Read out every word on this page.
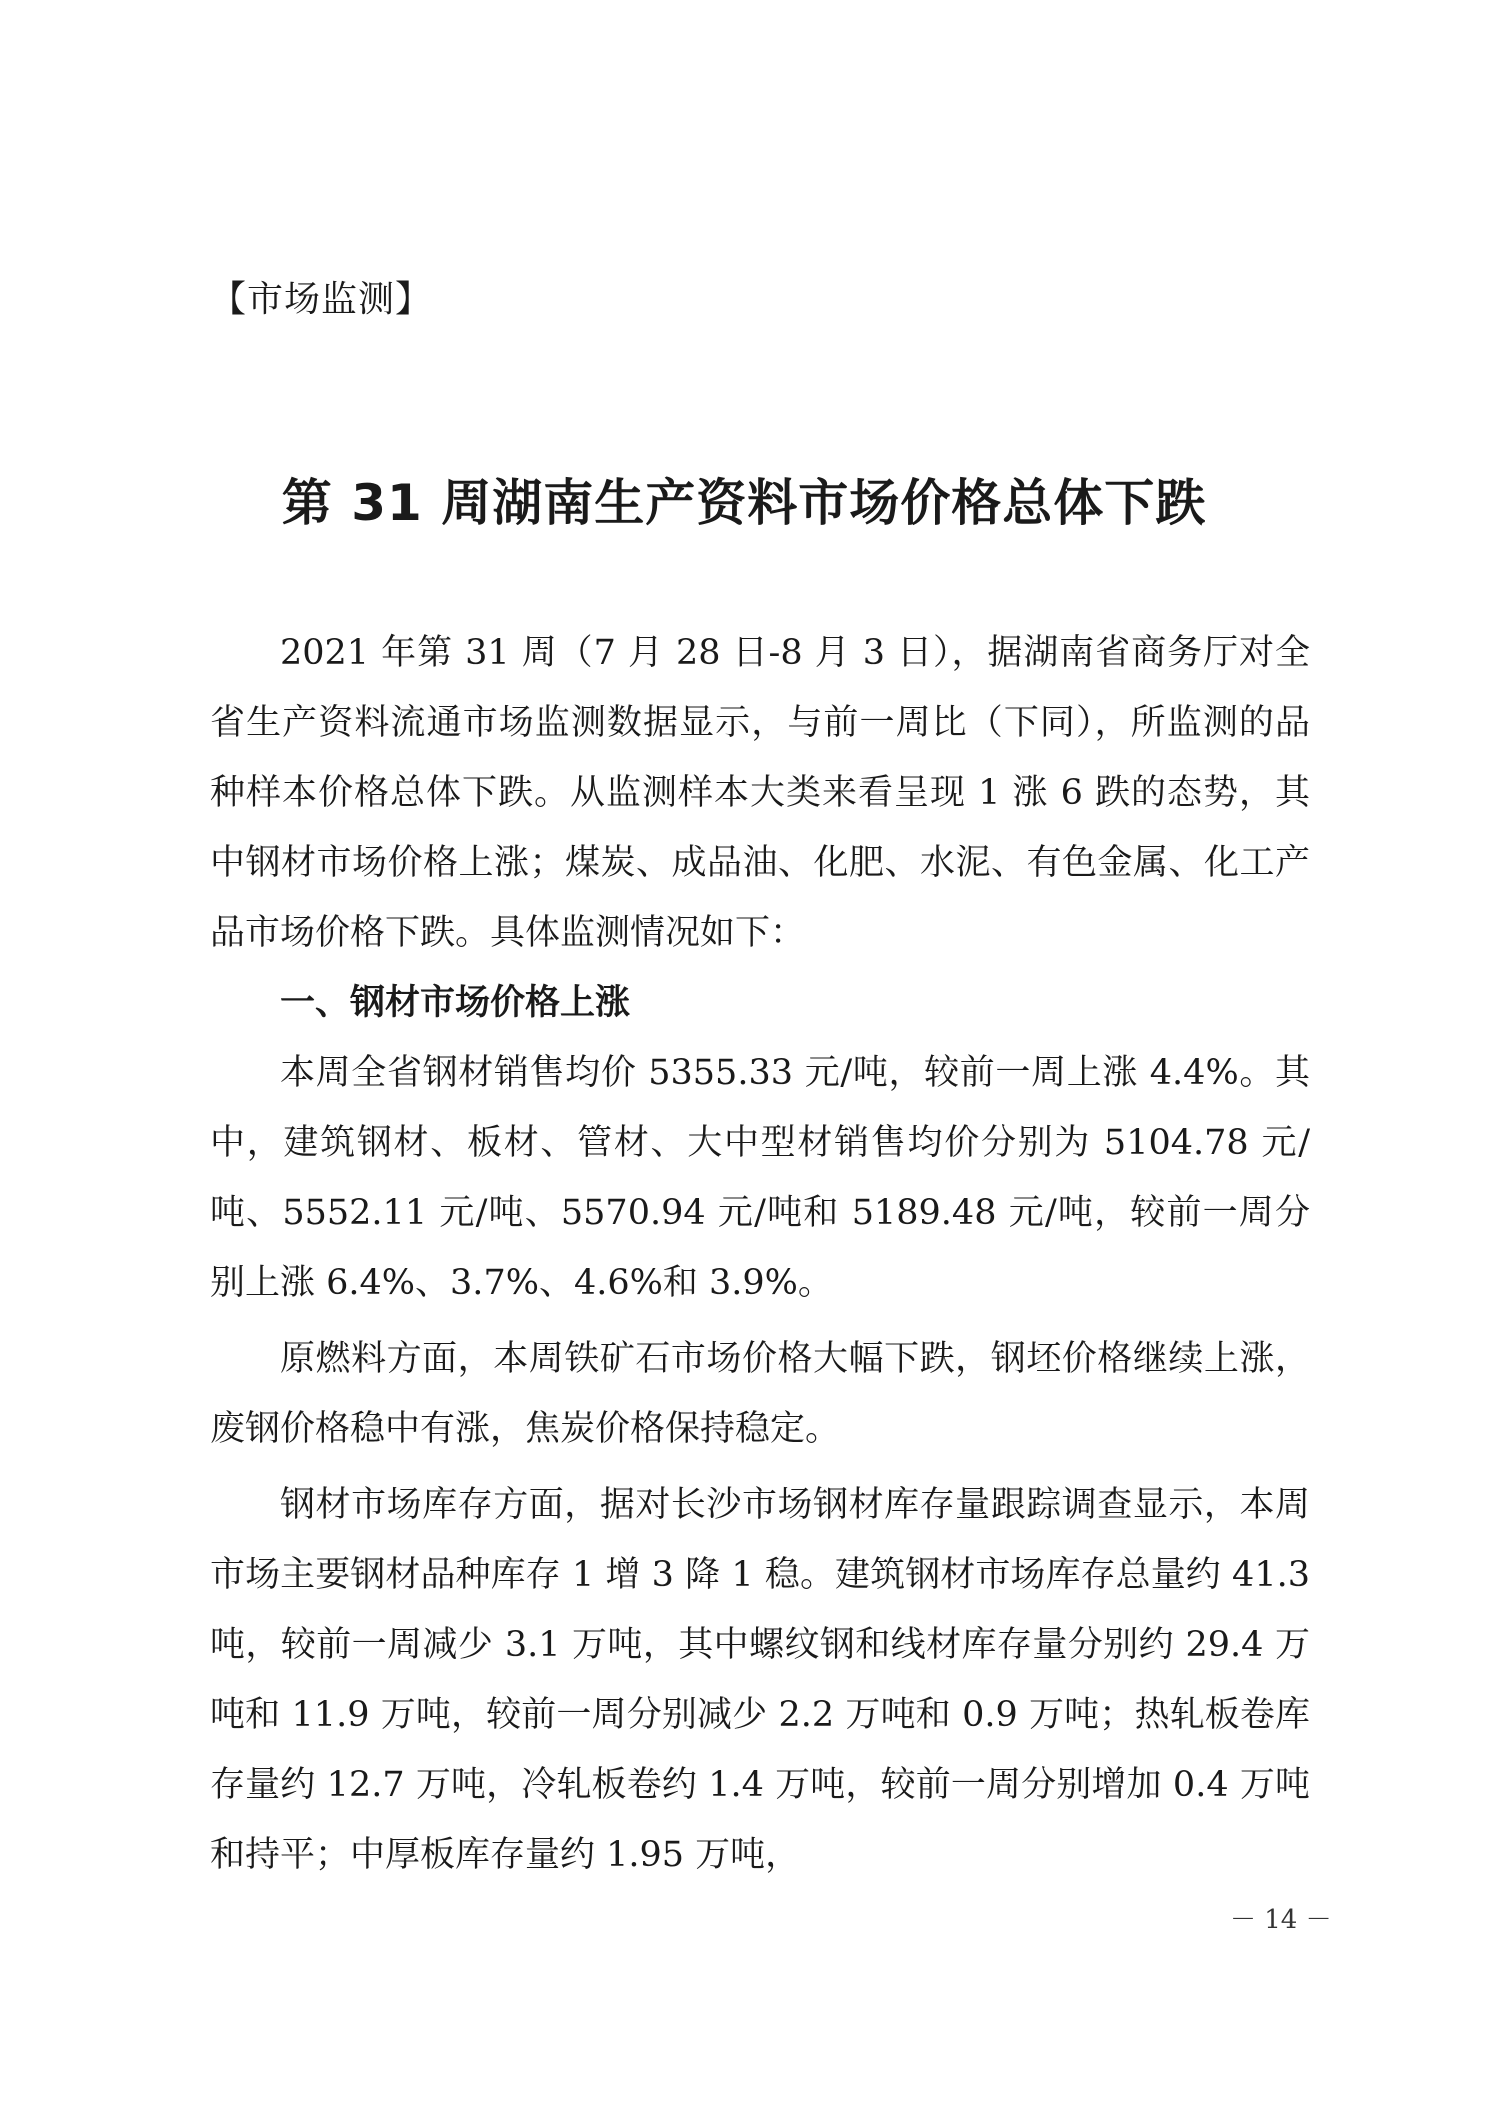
【市场监测】
第 31 周湖南生产资料市场价格总体下跌

2021 年第 31 周（7 月 28 日-8 月 3 日），据湖南省商务厅对全省生产资料流通市场监测数据显示，与前一周比（下同），所监测的品种样本价格总体下跌。从监测样本大类来看呈现 1 涨 6 跌的态势，其中钢材市场价格上涨；煤炭、成品油、化肥、水泥、有色金属、化工产品市场价格下跌。具体监测情况如下：

一、钢材市场价格上涨

本周全省钢材销售均价 5355.33 元/吨，较前一周上涨 4.4%。其中，建筑钢材、板材、管材、大中型材销售均价分别为 5104.78 元/吨、5552.11 元/吨、5570.94 元/吨和 5189.48 元/吨，较前一周分别上涨 6.4%、3.7%、4.6%和 3.9%。

原燃料方面，本周铁矿石市场价格大幅下跌，钢坯价格继续上涨，废钢价格稳中有涨，焦炭价格保持稳定。

钢材市场库存方面，据对长沙市场钢材库存量跟踪调查显示，本周市场主要钢材品种库存 1 增 3 降 1 稳。建筑钢材市场库存总量约 41.3 吨，较前一周减少 3.1 万吨，其中螺纹钢和线材库存量分别约 29.4 万吨和 11.9 万吨，较前一周分别减少 2.2 万吨和 0.9 万吨；热轧板卷库存量约 12.7 万吨，冷轧板卷约 1.4 万吨，较前一周分别增加 0.4 万吨和持平；中厚板库存量约 1.95 万吨，

－ 14 －
